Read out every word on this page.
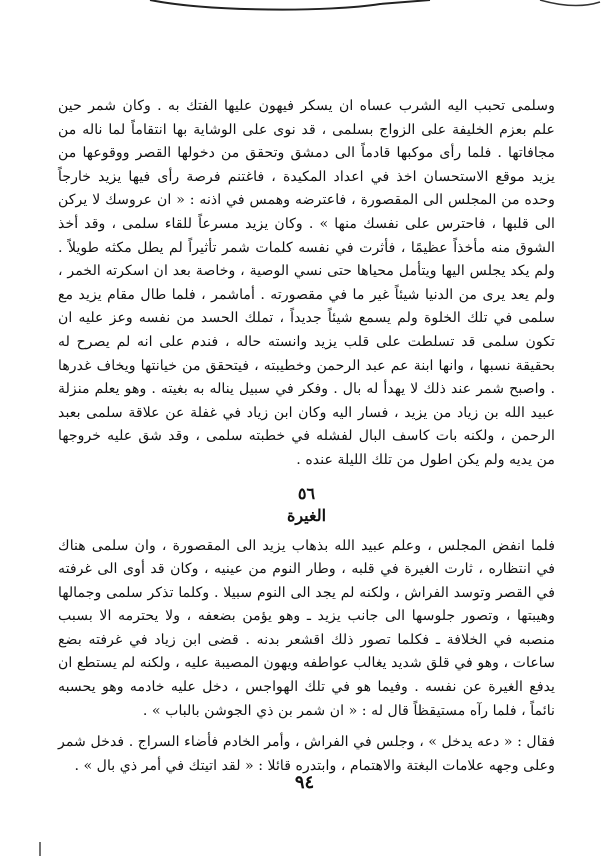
وسلمى تحبب اليه الشرب عساه ان يسكر فيهون عليها الفتك به . وكان شمر حين علم بعزم الخليفة على الزواج بسلمى ، قد نوى على الوشاية بها انتقاماً لما ناله من مجافاتها . فلما رأى موكبها قادماً الى دمشق وتحقق من دخولها القصر ووقوعها من يزيد موقع الاستحسان اخذ في اعداد المكيدة ، فاغتنم فرصة رأى فيها يزيد خارجاً وحده من المجلس الى المقصورة ، فاعترضه وهمس في اذنه : « ان عروسك لا يركن الى قلبها ، فاحترس على نفسك منها » . وكان يزيد مسرعاً للقاء سلمى ، وقد أخذ الشوق منه مأخذاً عظيمًا ، فأثرت في نفسه كلمات شمر تأثيراً لم يطل مكثه طويلاً . ولم يكد يجلس اليها ويتأمل محياها حتى نسي الوصية ، وخاصة بعد ان اسكرته الخمر ، ولم يعد يرى من الدنيا شيئاً غير ما في مقصورته . أماشمر ، فلما طال مقام يزيد مع سلمى في تلك الخلوة ولم يسمع شيئاً جديداً ، تملك الحسد من نفسه وعز عليه ان تكون سلمى قد تسلطت على قلب يزيد وانسته حاله ، فندم على انه لم يصرح له بحقيقة نسبها ، وانها ابنة عم عبد الرحمن وخطيبته ، فيتحقق من خيانتها ويخاف غدرها . واصبح شمر عند ذلك لا يهدأ له بال . وفكر في سبيل يناله به بغيته . وهو يعلم منزلة عبيد الله بن زياد من يزيد ، فسار اليه وكان ابن زياد في غفلة عن علاقة سلمى بعبد الرحمن ، ولكنه بات كاسف البال لفشله في خطبته سلمى ، وقد شق عليه خروجها من يديه ولم يكن اطول من تلك الليلة عنده .

٥٦
الغيرة

فلما انفض المجلس ، وعلم عبيد الله بذهاب يزيد الى المقصورة ، وان سلمى هناك في انتظاره ، ثارت الغيرة في قلبه ، وطار النوم من عينيه ، وكان قد أوى الى غرفته في القصر وتوسد الفراش ، ولكنه لم يجد الى النوم سبيلا . وكلما تذكر سلمى وجمالها وهيبتها ، وتصور جلوسها الى جانب يزيد ـ وهو يؤمن بضعفه ، ولا يحترمه الا بسبب منصبه في الخلافة ـ فكلما تصور ذلك اقشعر بدنه . قضى ابن زياد في غرفته بضع ساعات ، وهو في قلق شديد يغالب عواطفه ويهون المصيبة عليه ، ولكنه لم يستطع ان يدفع الغيرة عن نفسه . وفيما هو في تلك الهواجس ، دخل عليه خادمه وهو يحسبه نائماً ، فلما رآه مستيقظاً قال له : « ان شمر بن ذي الجوشن بالباب » .

فقال : « دعه يدخل » ، وجلس في الفراش ، وأمر الخادم فأضاء السراج . فدخل شمر وعلى وجهه علامات البغتة والاهتمام ، وابتدره قائلا : « لقد اتيتك في أمر ذي بال » .

٩٤
